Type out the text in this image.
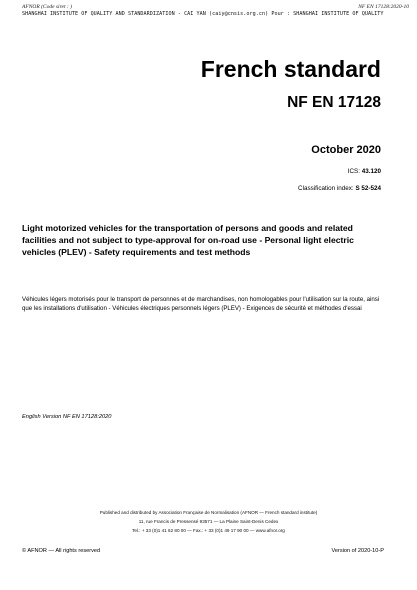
AFNOR (Code siret : )	NF EN 17128:2020-10
SHANGHAI INSTITUTE OF QUALITY AND STANDARDIZATION - CAI YAN (caiy@cnsis.org.cn) Pour : SHANGHAI INSTITUTE OF QUALITY
French standard
NF EN 17128
October 2020
ICS: 43.120
Classification index: S 52-524
Light motorized vehicles for the transportation of persons and goods and related facilities and not subject to type-approval for on-road use - Personal light electric vehicles (PLEV) - Safety requirements and test methods
Véhicules légers motorisés pour le transport de personnes et de marchandises, non homologables pour l'utilisation sur la route, ainsi que les installations d'utilisation - Véhicules électriques personnels légers (PLEV) - Exigences de sécurité et méthodes d'essai
English Version NF EN 17128:2020
Published and distributed by Association Française de Normalisation (AFNOR — French standard institute)
11, rue Francis de Pressensé 93571 — La Plaine Saint-Denis Cedex
Tel.: + 33 (0)1 41 62 80 00 — Fax.: + 33 (0)1 49 17 90 00 — www.afnor.org
© AFNOR — All rights reserved	Version of 2020-10-P
